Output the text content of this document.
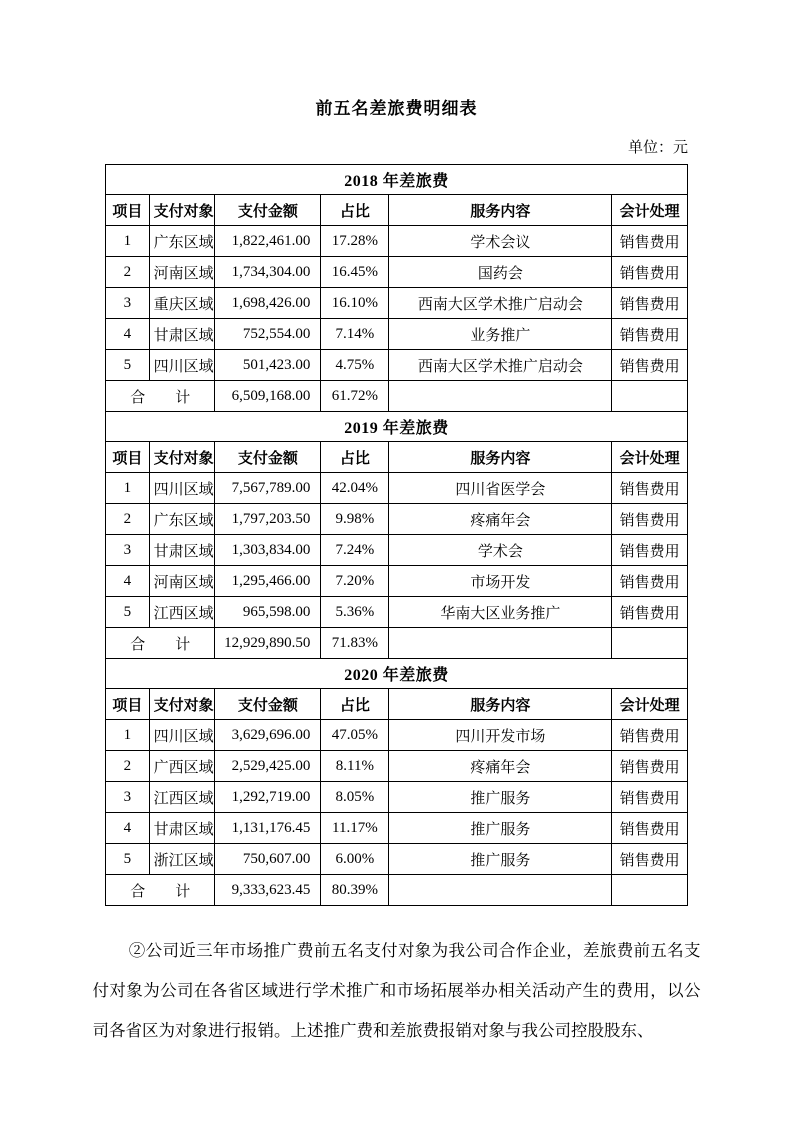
前五名差旅费明细表
单位：元
2018 年差旅费					
项目	支付对象	支付金额	占比	服务内容	会计处理
1	广东区域	1,822,461.00	17.28%	学术会议	销售费用
2	河南区域	1,734,304.00	16.45%	国药会	销售费用
3	重庆区域	1,698,426.00	16.10%	西南大区学术推广启动会	销售费用
4	甘肃区域	752,554.00	7.14%	业务推广	销售费用
5	四川区域	501,423.00	4.75%	西南大区学术推广启动会	销售费用
合　　计		6,509,168.00	61.72%		
2019 年差旅费					
项目	支付对象	支付金额	占比	服务内容	会计处理
1	四川区域	7,567,789.00	42.04%	四川省医学会	销售费用
2	广东区域	1,797,203.50	9.98%	疼痛年会	销售费用
3	甘肃区域	1,303,834.00	7.24%	学术会	销售费用
4	河南区域	1,295,466.00	7.20%	市场开发	销售费用
5	江西区域	965,598.00	5.36%	华南大区业务推广	销售费用
合　　计		12,929,890.50	71.83%		
2020 年差旅费					
项目	支付对象	支付金额	占比	服务内容	会计处理
1	四川区域	3,629,696.00	47.05%	四川开发市场	销售费用
2	广西区域	2,529,425.00	8.11%	疼痛年会	销售费用
3	江西区域	1,292,719.00	8.05%	推广服务	销售费用
4	甘肃区域	1,131,176.45	11.17%	推广服务	销售费用
5	浙江区域	750,607.00	6.00%	推广服务	销售费用
合　　计		9,333,623.45	80.39%		

②公司近三年市场推广费前五名支付对象为我公司合作企业，差旅费前五名支付对象为公司在各省区域进行学术推广和市场拓展举办相关活动产生的费用，以公司各省区为对象进行报销。上述推广费和差旅费报销对象与我公司控股股东、
